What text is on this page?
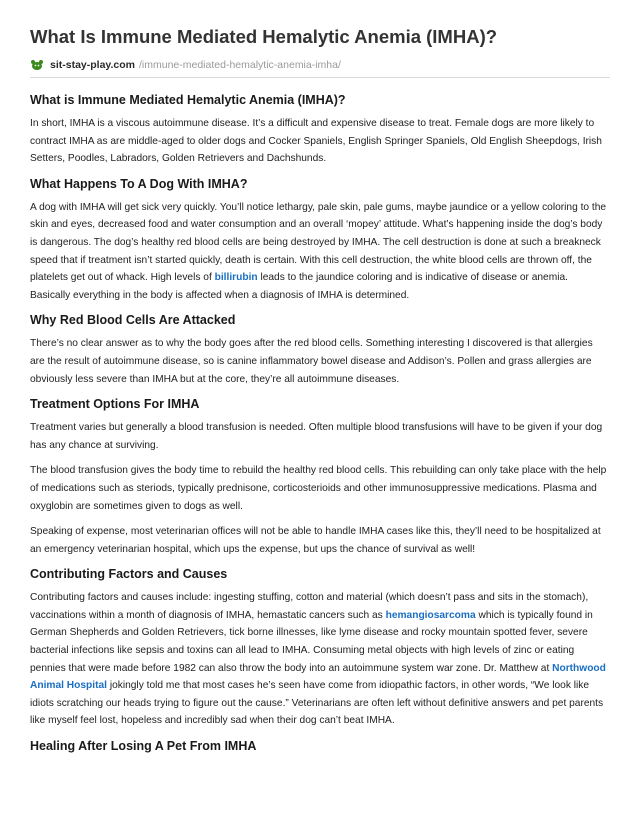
What Is Immune Mediated Hemalytic Anemia (IMHA)?
sit-stay-play.com /immune-mediated-hemalytic-anemia-imha/
What is Immune Mediated Hemalytic Anemia (IMHA)?

In short, IMHA is a viscous autoimmune disease. It’s a difficult and expensive disease to treat. Female dogs are more likely to contract IMHA as are middle-aged to older dogs and Cocker Spaniels, English Springer Spaniels, Old English Sheepdogs, Irish Setters, Poodles, Labradors, Golden Retrievers and Dachshunds.

What Happens To A Dog With IMHA?

A dog with IMHA will get sick very quickly. You’ll notice lethargy, pale skin, pale gums, maybe jaundice or a yellow coloring to the skin and eyes, decreased food and water consumption and an overall ‘mopey’ attitude. What’s happening inside the dog’s body is dangerous. The dog’s healthy red blood cells are being destroyed by IMHA. The cell destruction is done at such a breakneck speed that if treatment isn’t started quickly, death is certain. With this cell destruction, the white blood cells are thrown off, the platelets get out of whack. High levels of billirubin leads to the jaundice coloring and is indicative of disease or anemia. Basically everything in the body is affected when a diagnosis of IMHA is determined.

Why Red Blood Cells Are Attacked

There’s no clear answer as to why the body goes after the red blood cells. Something interesting I discovered is that allergies are the result of autoimmune disease, so is canine inflammatory bowel disease and Addison’s. Pollen and grass allergies are obviously less severe than IMHA but at the core, they’re all autoimmune diseases.

Treatment Options For IMHA

Treatment varies but generally a blood transfusion is needed. Often multiple blood transfusions will have to be given if your dog has any chance at surviving.

The blood transfusion gives the body time to rebuild the healthy red blood cells. This rebuilding can only take place with the help of medications such as steriods, typically prednisone, corticosterioids and other immunosuppressive medications. Plasma and oxyglobin are sometimes given to dogs as well.

Speaking of expense, most veterinarian offices will not be able to handle IMHA cases like this, they’ll need to be hospitalized at an emergency veterinarian hospital, which ups the expense, but ups the chance of survival as well!

Contributing Factors and Causes

Contributing factors and causes include: ingesting stuffing, cotton and material (which doesn’t pass and sits in the stomach), vaccinations within a month of diagnosis of IMHA, hemastatic cancers such as hemangiosarcoma which is typically found in German Shepherds and Golden Retrievers, tick borne illnesses, like lyme disease and rocky mountain spotted fever, severe bacterial infections like sepsis and toxins can all lead to IMHA. Consuming metal objects with high levels of zinc or eating pennies that were made before 1982 can also throw the body into an autoimmune system war zone. Dr. Matthew at Northwood Animal Hospital jokingly told me that most cases he’s seen have come from idiopathic factors, in other words, “We look like idiots scratching our heads trying to figure out the cause.” Veterinarians are often left without definitive answers and pet parents like myself feel lost, hopeless and incredibly sad when their dog can’t beat IMHA.

Healing After Losing A Pet From IMHA
